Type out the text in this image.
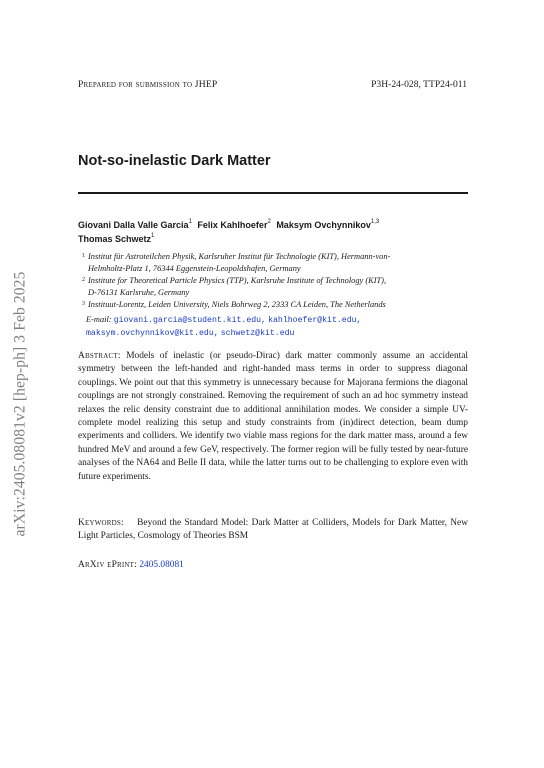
arXiv:2405.08081v2 [hep-ph] 3 Feb 2025
Prepared for submission to JHEP	P3H-24-028, TTP24-011
Not-so-inelastic Dark Matter
Giovani Dalla Valle Garcia$^1$ Felix Kahlhoefer$^2$ Maksym Ovchynnikov$^{1,3}$
Thomas Schwetz$^1$
1 Institut für Astroteilchen Physik, Karlsruher Institut für Technologie (KIT), Hermann-von-
Helmholtz-Platz 1, 76344 Eggenstein-Leopoldshafen, Germany
2 Institute for Theoretical Particle Physics (TTP), Karlsruhe Institute of Technology (KIT),
D-76131 Karlsruhe, Germany
3 Instituut-Lorentz, Leiden University, Niels Bohrweg 2, 2333 CA Leiden, The Netherlands
E-mail: giovani.garcia@student.kit.edu, kahlhoefer@kit.edu,
maksym.ovchynnikov@kit.edu, schwetz@kit.edu

Abstract: Models of inelastic (or pseudo-Dirac) dark matter commonly assume an accidental symmetry between the left-handed and right-handed mass terms in order to suppress diagonal couplings. We point out that this symmetry is unnecessary because for Majorana fermions the diagonal couplings are not strongly constrained. Removing the requirement of such an ad hoc symmetry instead relaxes the relic density constraint due to additional annihilation modes. We consider a simple UV-complete model realizing this setup and study constraints from (in)direct detection, beam dump experiments and colliders. We identify two viable mass regions for the dark matter mass, around a few hundred MeV and around a few GeV, respectively. The former region will be fully tested by near-future analyses of the NA64 and Belle II data, while the latter turns out to be challenging to explore even with future experiments.

Keywords: Beyond the Standard Model: Dark Matter at Colliders, Models for Dark Matter, New Light Particles, Cosmology of Theories BSM

ArXiv ePrint: 2405.08081
